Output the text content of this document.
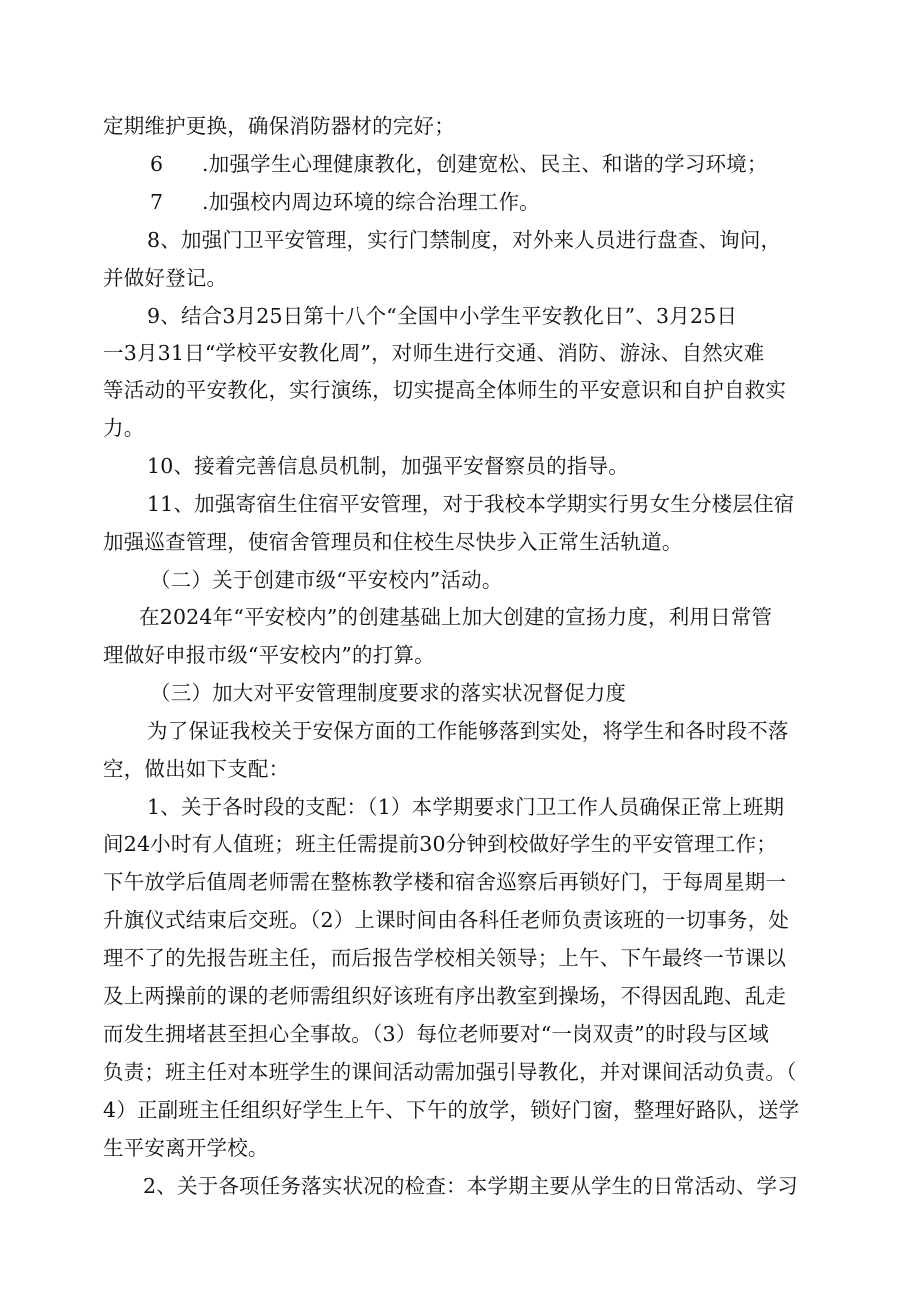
定期维护更换，确保消防器材的完好；
6 .加强学生心理健康教化，创建宽松、民主、和谐的学习环境；
7 .加强校内周边环境的综合治理工作。
8、加强门卫平安管理，实行门禁制度，对外来人员进行盘查、询问，
并做好登记。
9、结合3月25日第十八个“全国中小学生平安教化日”、3月25日
一3月31日“学校平安教化周”，对师生进行交通、消防、游泳、自然灾难
等活动的平安教化，实行演练，切实提高全体师生的平安意识和自护自救实
力。
10、接着完善信息员机制，加强平安督察员的指导。
11、加强寄宿生住宿平安管理，对于我校本学期实行男女生分楼层住宿
加强巡查管理，使宿舍管理员和住校生尽快步入正常生活轨道。
（二）关于创建市级“平安校内”活动。
在2024年“平安校内”的创建基础上加大创建的宣扬力度，利用日常管
理做好申报市级“平安校内”的打算。
（三）加大对平安管理制度要求的落实状况督促力度
为了保证我校关于安保方面的工作能够落到实处，将学生和各时段不落
空，做出如下支配：
1、关于各时段的支配：（1）本学期要求门卫工作人员确保正常上班期
间24小时有人值班；班主任需提前30分钟到校做好学生的平安管理工作；
下午放学后值周老师需在整栋教学楼和宿舍巡察后再锁好门，于每周星期一
升旗仪式结束后交班。（2）上课时间由各科任老师负责该班的一切事务，处
理不了的先报告班主任，而后报告学校相关领导；上午、下午最终一节课以
及上两操前的课的老师需组织好该班有序出教室到操场，不得因乱跑、乱走
而发生拥堵甚至担心全事故。（3）每位老师要对“一岗双责”的时段与区域
负责；班主任对本班学生的课间活动需加强引导教化，并对课间活动负责。（
4）正副班主任组织好学生上午、下午的放学，锁好门窗，整理好路队，送学
生平安离开学校。
2、关于各项任务落实状况的检查：本学期主要从学生的日常活动、学习
